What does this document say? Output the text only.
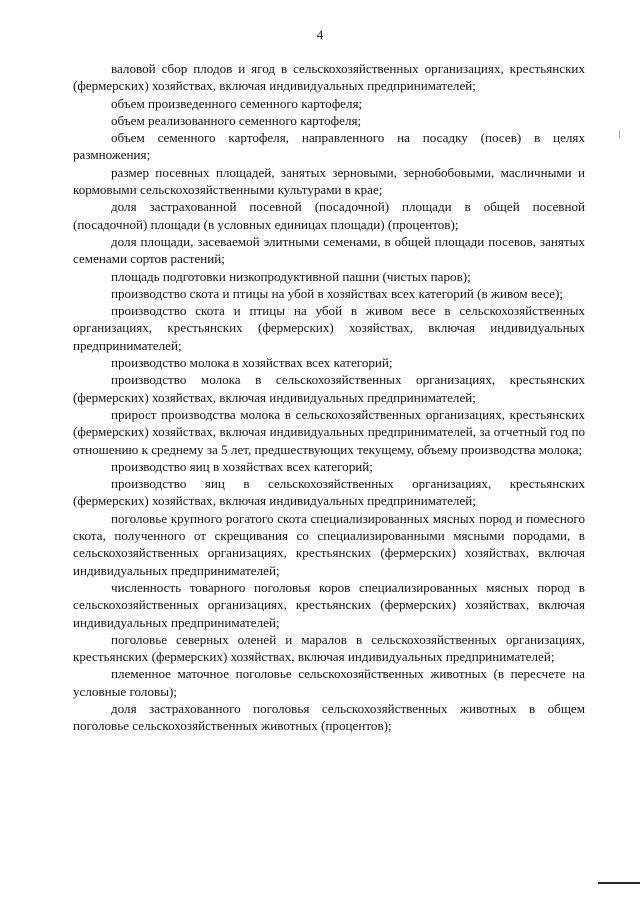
4

валовой сбор плодов и ягод в сельскохозяйственных организациях, крестьянских (фермерских) хозяйствах, включая индивидуальных предпринимателей;

объем произведенного семенного картофеля;

объем реализованного семенного картофеля;

объем семенного картофеля, направленного на посадку (посев) в целях размножения;

размер посевных площадей, занятых зерновыми, зернобобовыми, масличными и кормовыми сельскохозяйственными культурами в крае;

доля застрахованной посевной (посадочной) площади в общей посевной (посадочной) площади (в условных единицах площади) (процентов);

доля площади, засеваемой элитными семенами, в общей площади посевов, занятых семенами сортов растений;

площадь подготовки низкопродуктивной пашни (чистых паров);

производство скота и птицы на убой в хозяйствах всех категорий (в живом весе);

производство скота и птицы на убой в живом весе в сельскохозяйственных организациях, крестьянских (фермерских) хозяйствах, включая индивидуальных предпринимателей;

производство молока в хозяйствах всех категорий;

производство молока в сельскохозяйственных организациях, крестьянских (фермерских) хозяйствах, включая индивидуальных предпринимателей;

прирост производства молока в сельскохозяйственных организациях, крестьянских (фермерских) хозяйствах, включая индивидуальных предпринимателей, за отчетный год по отношению к среднему за 5 лет, предшествующих текущему, объему производства молока;

производство яиц в хозяйствах всех категорий;

производство яиц в сельскохозяйственных организациях, крестьянских (фермерских) хозяйствах, включая индивидуальных предпринимателей;

поголовье крупного рогатого скота специализированных мясных пород и помесного скота, полученного от скрещивания со специализированными мясными породами, в сельскохозяйственных организациях, крестьянских (фермерских) хозяйствах, включая индивидуальных предпринимателей;

численность товарного поголовья коров специализированных мясных пород в сельскохозяйственных организациях, крестьянских (фермерских) хозяйствах, включая индивидуальных предпринимателей;

поголовье северных оленей и маралов в сельскохозяйственных организациях, крестьянских (фермерских) хозяйствах, включая индивидуальных предпринимателей;

племенное маточное поголовье сельскохозяйственных животных (в пересчете на условные головы);

доля застрахованного поголовья сельскохозяйственных животных в общем поголовье сельскохозяйственных животных (процентов);
